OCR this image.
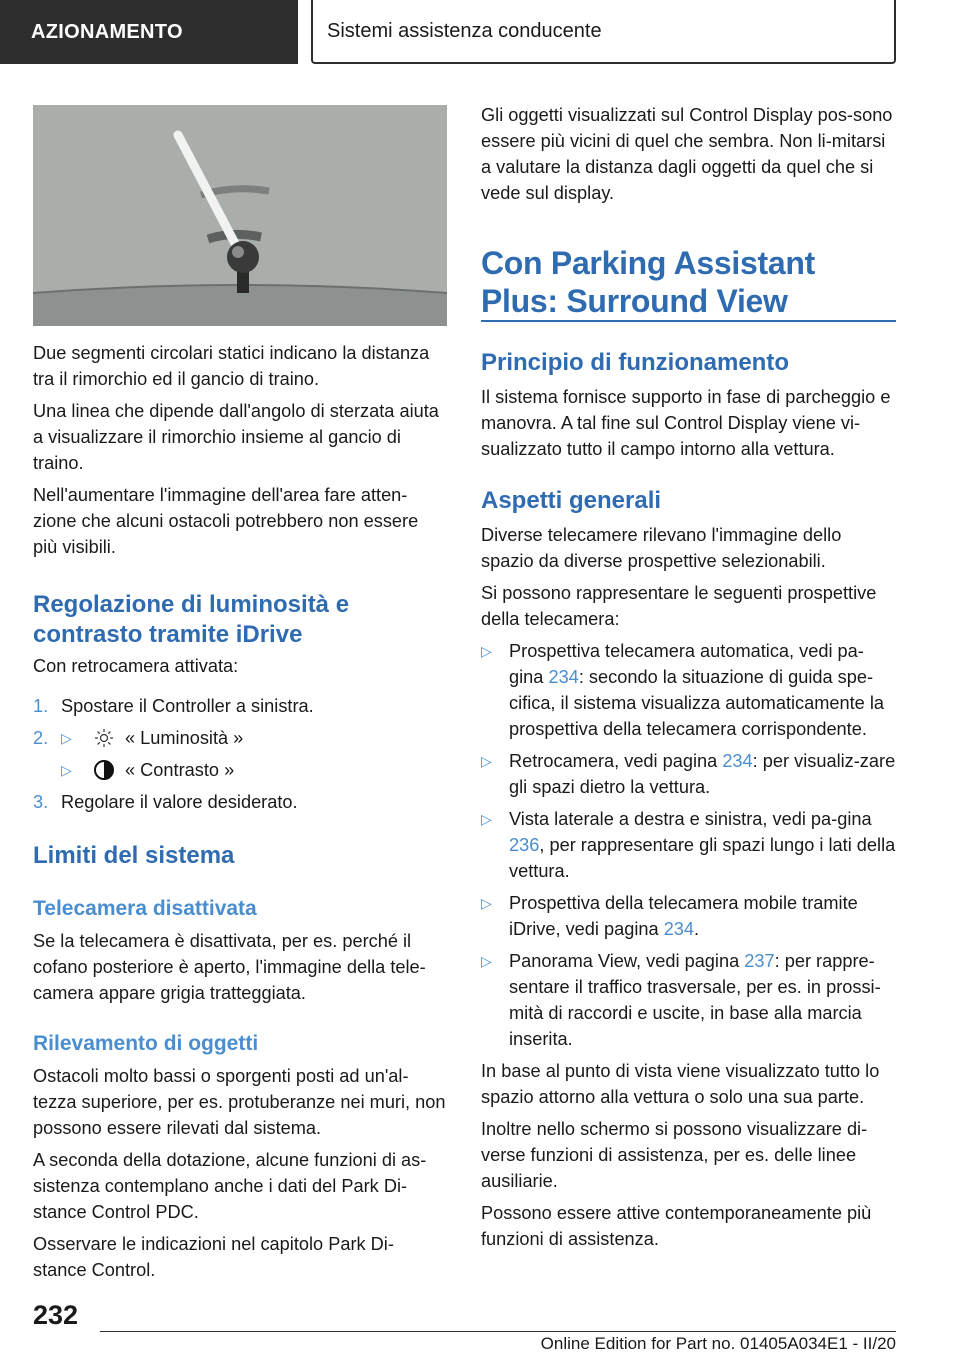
AZIONAMENTO	Sistemi assistenza conducente

Due segmenti circolari statici indicano la distanza tra il rimorchio ed il gancio di traino.

Una linea che dipende dall'angolo di sterzata aiuta a visualizzare il rimorchio insieme al gancio di traino.

Nell'aumentare l'immagine dell'area fare atten-zione che alcuni ostacoli potrebbero non essere più visibili.

Regolazione di luminosità e contrasto tramite iDrive

Con retrocamera attivata:

1. Spostare il Controller a sinistra.
2. ▷	« Luminosità »
▷	« Contrasto »
3. Regolare il valore desiderato.
Limiti del sistema
Telecamera disattivata

Se la telecamera è disattivata, per es. perché il cofano posteriore è aperto, l'immagine della tele-camera appare grigia tratteggiata.

Rilevamento di oggetti

Ostacoli molto bassi o sporgenti posti ad un'al-tezza superiore, per es. protuberanze nei muri, non possono essere rilevati dal sistema.

A seconda della dotazione, alcune funzioni di as-sistenza contemplano anche i dati del Park Di-stance Control PDC.

Osservare le indicazioni nel capitolo Park Di-stance Control.

Gli oggetti visualizzati sul Control Display pos-sono essere più vicini di quel che sembra. Non li-mitarsi a valutare la distanza dagli oggetti da quel che si vede sul display.

Con Parking Assistant Plus: Surround View
Principio di funzionamento

Il sistema fornisce supporto in fase di parcheggio e manovra. A tal fine sul Control Display viene vi-sualizzato tutto il campo intorno alla vettura.

Aspetti generali

Diverse telecamere rilevano l'immagine dello spazio da diverse prospettive selezionabili.

Si possono rappresentare le seguenti prospettive della telecamera:

▷ Prospettiva telecamera automatica, vedi pa-gina 234: secondo la situazione di guida spe-cifica, il sistema visualizza automaticamente la prospettiva della telecamera corrispondente.
▷ Retrocamera, vedi pagina 234: per visualiz-zare gli spazi dietro la vettura.
▷ Vista laterale a destra e sinistra, vedi pa-gina 236, per rappresentare gli spazi lungo i lati della vettura.
▷ Prospettiva della telecamera mobile tramite iDrive, vedi pagina 234.
▷ Panorama View, vedi pagina 237: per rappre-sentare il traffico trasversale, per es. in prossi-mità di raccordi e uscite, in base alla marcia inserita.

In base al punto di vista viene visualizzato tutto lo spazio attorno alla vettura o solo una sua parte.

Inoltre nello schermo si possono visualizzare di-verse funzioni di assistenza, per es. delle linee ausiliarie.

Possono essere attive contemporaneamente più funzioni di assistenza.

232
Online Edition for Part no. 01405A034E1 - II/20
